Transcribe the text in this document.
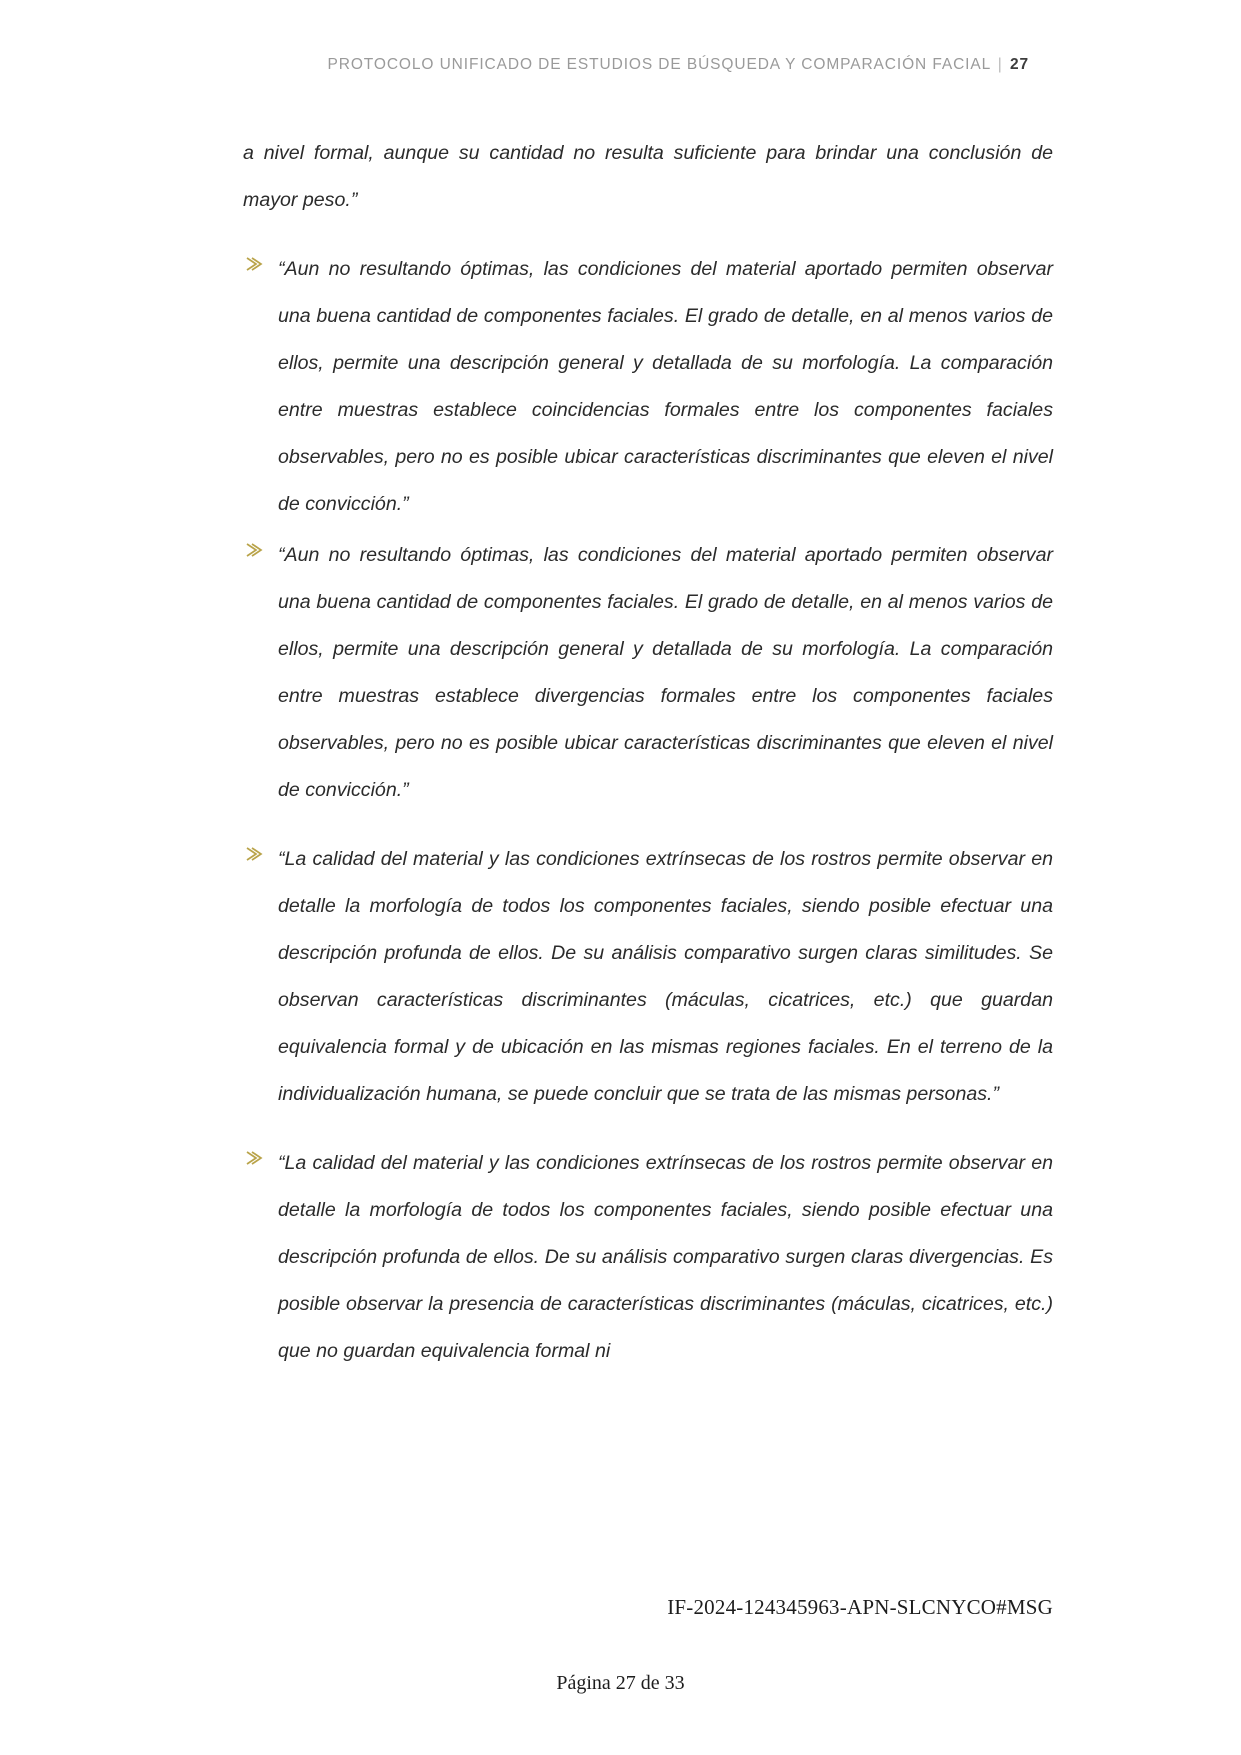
PROTOCOLO UNIFICADO DE ESTUDIOS DE BÚSQUEDA Y COMPARACIÓN FACIAL | 27

a nivel formal, aunque su cantidad no resulta suficiente para brindar una conclusión de mayor peso.”

“Aun no resultando óptimas, las condiciones del material aportado permiten observar una buena cantidad de componentes faciales. El grado de detalle, en al menos varios de ellos, permite una descripción general y detallada de su morfología. La comparación entre muestras establece coincidencias formales entre los componentes faciales observables, pero no es posible ubicar características discriminantes que eleven el nivel de convicción.”

“Aun no resultando óptimas, las condiciones del material aportado permiten observar una buena cantidad de componentes faciales. El grado de detalle, en al menos varios de ellos, permite una descripción general y detallada de su morfología. La comparación entre muestras establece divergencias formales entre los componentes faciales observables, pero no es posible ubicar características discriminantes que eleven el nivel de convicción.”

“La calidad del material y las condiciones extrínsecas de los rostros permite observar en detalle la morfología de todos los componentes faciales, siendo posible efectuar una descripción profunda de ellos. De su análisis comparativo surgen claras similitudes. Se observan características discriminantes (máculas, cicatrices, etc.) que guardan equivalencia formal y de ubicación en las mismas regiones faciales. En el terreno de la individualización humana, se puede concluir que se trata de las mismas personas.”

“La calidad del material y las condiciones extrínsecas de los rostros permite observar en detalle la morfología de todos los componentes faciales, siendo posible efectuar una descripción profunda de ellos. De su análisis comparativo surgen claras divergencias. Es posible observar la presencia de características discriminantes (máculas, cicatrices, etc.) que no guardan equivalencia formal ni

IF-2024-124345963-APN-SLCNYCO#MSG
Página 27 de 33
